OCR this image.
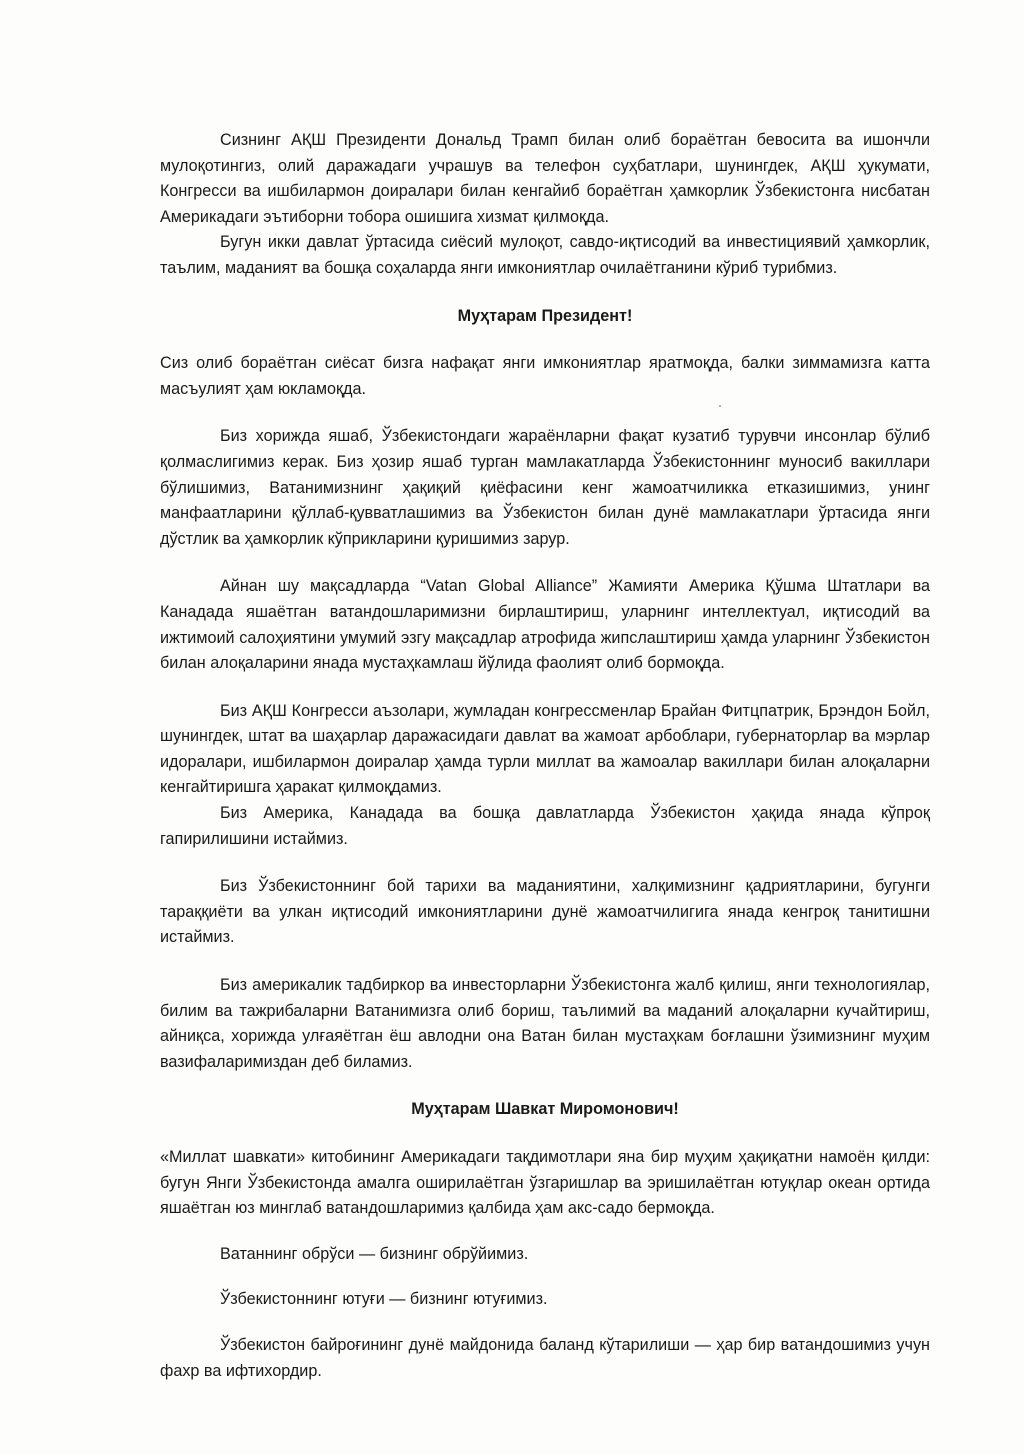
Сизнинг АҚШ Президенти Дональд Трамп билан олиб бораётган бевосита ва ишончли мулоқотингиз, олий даражадаги учрашув ва телефон суҳбатлари, шунингдек, АҚШ ҳукумати, Конгресси ва ишбилармон доиралари билан кенгайиб бораётган ҳамкорлик Ўзбекистонга нисбатан Америкадаги эътиборни тобора ошишига хизмат қилмоқда.

Бугун икки давлат ўртасида сиёсий мулоқот, савдо-иқтисодий ва инвестициявий ҳамкорлик, таълим, маданият ва бошқа соҳаларда янги имкониятлар очилаётганини кўриб турибмиз.

Муҳтарам Президент!

Сиз олиб бораётган сиёсат бизга нафақат янги имкониятлар яратмоқда, балки зиммамизга катта масъулият ҳам юкламоқда.

Биз хорижда яшаб, Ўзбекистондаги жараёнларни фақат кузатиб турувчи инсонлар бўлиб қолмаслигимиз керак. Биз ҳозир яшаб турган мамлакатларда Ўзбекистоннинг муносиб вакиллари бўлишимиз, Ватанимизнинг ҳақиқий қиёфасини кенг жамоатчиликка етказишимиз, унинг манфаатларини қўллаб-қувватлашимиз ва Ўзбекистон билан дунё мамлакатлари ўртасида янги дўстлик ва ҳамкорлик кўприкларини қуришимиз зарур.

Айнан шу мақсадларда “Vatan Global Alliance” Жамияти Америка Қўшма Штатлари ва Канадада яшаётган ватандошларимизни бирлаштириш, уларнинг интеллектуал, иқтисодий ва ижтимоий салоҳиятини умумий эзгу мақсадлар атрофида жипслаштириш ҳамда уларнинг Ўзбекистон билан алоқаларини янада мустаҳкамлаш йўлида фаолият олиб бормоқда.

Биз АҚШ Конгресси аъзолари, жумладан конгрессменлар Брайан Фитцпатрик, Брэндон Бойл, шунингдек, штат ва шаҳарлар даражасидаги давлат ва жамоат арбоблари, губернаторлар ва мэрлар идоралари, ишбилармон доиралар ҳамда турли миллат ва жамоалар вакиллари билан алоқаларни кенгайтиришга ҳаракат қилмоқдамиз.

Биз Америка, Канадада ва бошқа давлатларда Ўзбекистон ҳақида янада кўпроқ гапирилишини истаймиз.

Биз Ўзбекистоннинг бой тарихи ва маданиятини, халқимизнинг қадриятларини, бугунги тараққиёти ва улкан иқтисодий имкониятларини дунё жамоатчилигига янада кенгроқ танитишни истаймиз.

Биз америкалик тадбиркор ва инвесторларни Ўзбекистонга жалб қилиш, янги технологиялар, билим ва тажрибаларни Ватанимизга олиб бориш, таълимий ва маданий алоқаларни кучайтириш, айниқса, хорижда улғаяётган ёш авлодни она Ватан билан мустаҳкам боғлашни ўзимизнинг муҳим вазифаларимиздан деб биламиз.

Муҳтарам Шавкат Миромонович!

«Миллат шавкати» китобининг Америкадаги тақдимотлари яна бир муҳим ҳақиқатни намоён қилди: бугун Янги Ўзбекистонда амалга оширилаётган ўзгаришлар ва эришилаётган ютуқлар океан ортида яшаётган юз минглаб ватандошларимиз қалбида ҳам акс-садо бермоқда.

Ватаннинг обрўси — бизнинг обрўйимиз.

Ўзбекистоннинг ютуғи — бизнинг ютуғимиз.

Ўзбекистон байроғининг дунё майдонида баланд кўтарилиши — ҳар бир ватандошимиз учун фахр ва ифтихордир.
